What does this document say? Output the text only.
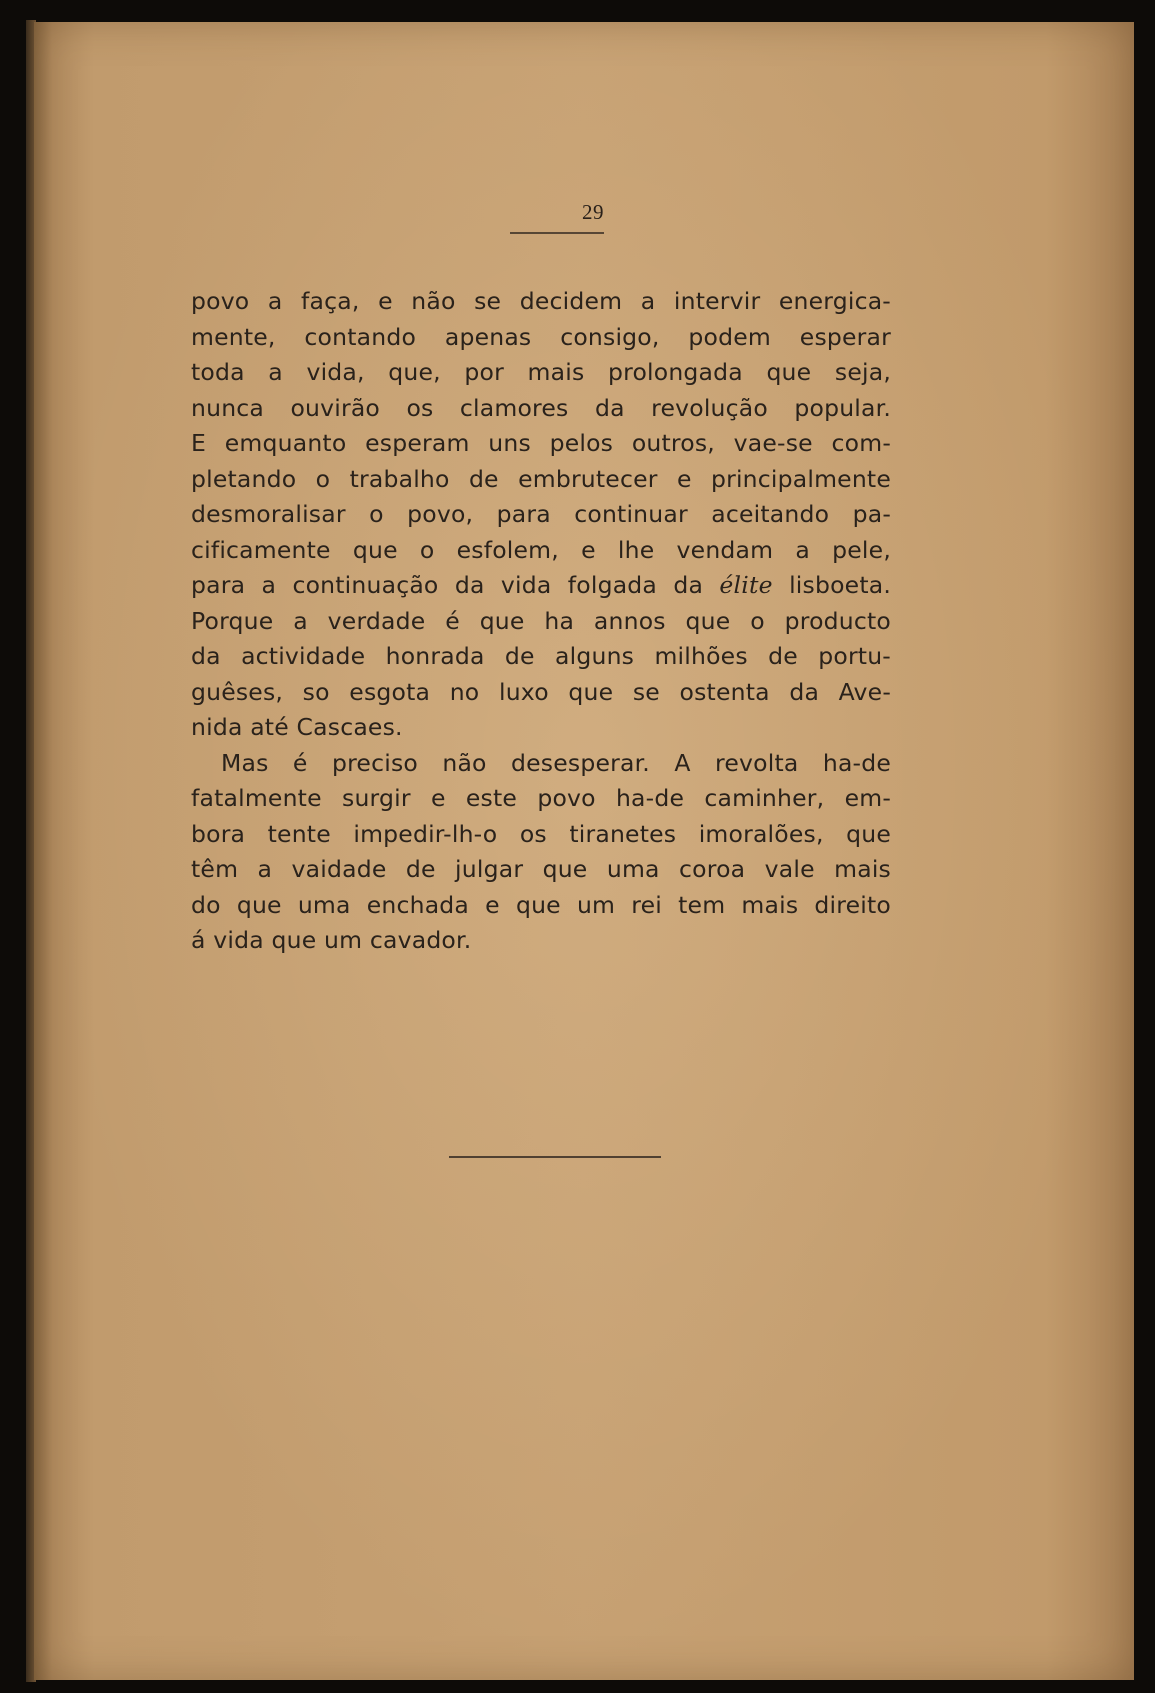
29
povo a faça, e não se decidem a intervir energica-
mente, contando apenas consigo, podem esperar
toda a vida, que, por mais prolongada que seja,
nunca ouvirão os clamores da revolução popular.
E emquanto esperam uns pelos outros, vae-se com-
pletando o trabalho de embrutecer e principalmente
desmoralisar o povo, para continuar aceitando pa-
cificamente que o esfolem, e lhe vendam a pele,
para a continuação da vida folgada da élite lisboeta.
Porque a verdade é que ha annos que o producto
da actividade honrada de alguns milhões de portu-
guêses, so esgota no luxo que se ostenta da Ave-
nida até Cascaes.
Mas é preciso não desesperar. A revolta ha-de
fatalmente surgir e este povo ha-de caminher, em-
bora tente impedir-lh-o os tiranetes imoralões, que
têm a vaidade de julgar que uma coroa vale mais
do que uma enchada e que um rei tem mais direito
á vida que um cavador.
